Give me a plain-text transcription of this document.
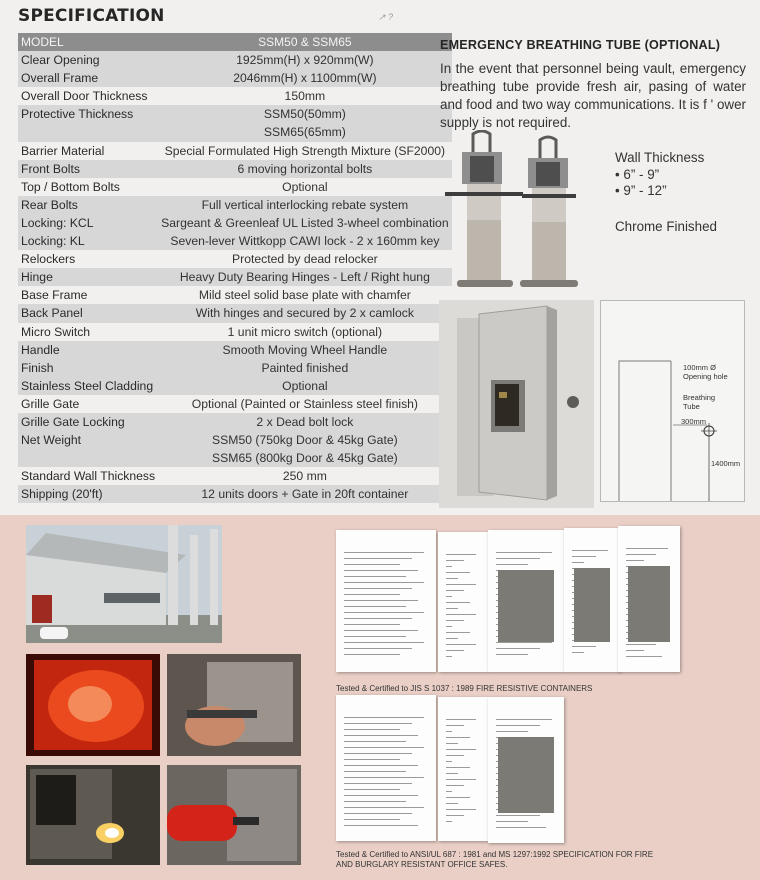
SPECIFICATION	↗ ?
MODEL	SSM50 & SSM65
Clear Opening	1925mm(H) x 920mm(W)
Overall Frame	2046mm(H) x 1100mm(W)
Overall Door Thickness	150mm
Protective Thickness	SSM50(50mm)
SSM65(65mm)

Barrier Material	Special Formulated High Strength Mixture (SF2000)
Front Bolts	6 moving horizontal bolts
Top / Bottom Bolts	Optional
Rear Bolts	Full vertical interlocking rebate system
Locking: KCL	Sargeant & Greenleaf UL Listed 3-wheel combination
Locking: KL	Seven-lever Wittkopp CAWI lock - 2 x 160mm key
Relockers	Protected by dead relocker
Hinge	Heavy Duty Bearing Hinges - Left / Right hung
Base Frame	Mild steel solid base plate with chamfer
Back Panel	With hinges and secured by 2 x camlock
Micro Switch	1 unit micro switch (optional)
Handle	Smooth Moving Wheel Handle
Finish	Painted finished
Stainless Steel Cladding	Optional
Grille Gate	Optional (Painted or Stainless steel finish)
Grille Gate Locking	2 x Dead bolt lock
Net Weight	SSM50 (750kg Door & 45kg Gate)
SSM65 (800kg Door & 45kg Gate)

Standard Wall Thickness	250 mm
Shipping (20'ft)	12 units doors + Gate in 20ft container
EMERGENCY BREATHING TUBE (OPTIONAL)
In the event that personnel being vault, emergency breathing tube provide fresh air, pasing of water and food and two way communications. It is f ' ower supply is not required.
Wall Thickness
• 6” - 9”
• 9” - 12”
Chrome Finished
100mm Ø
Opening hole
Breathing
Tube
300mm
1400mm
Tested & Certified to JIS S 1037 : 1989 FIRE RESISTIVE CONTAINERS
Tested & Certified to ANSI/UL 687 : 1981 and MS 1297:1992 SPECIFICATION FOR FIRE AND BURGLARY RESISTANT OFFICE SAFES.
